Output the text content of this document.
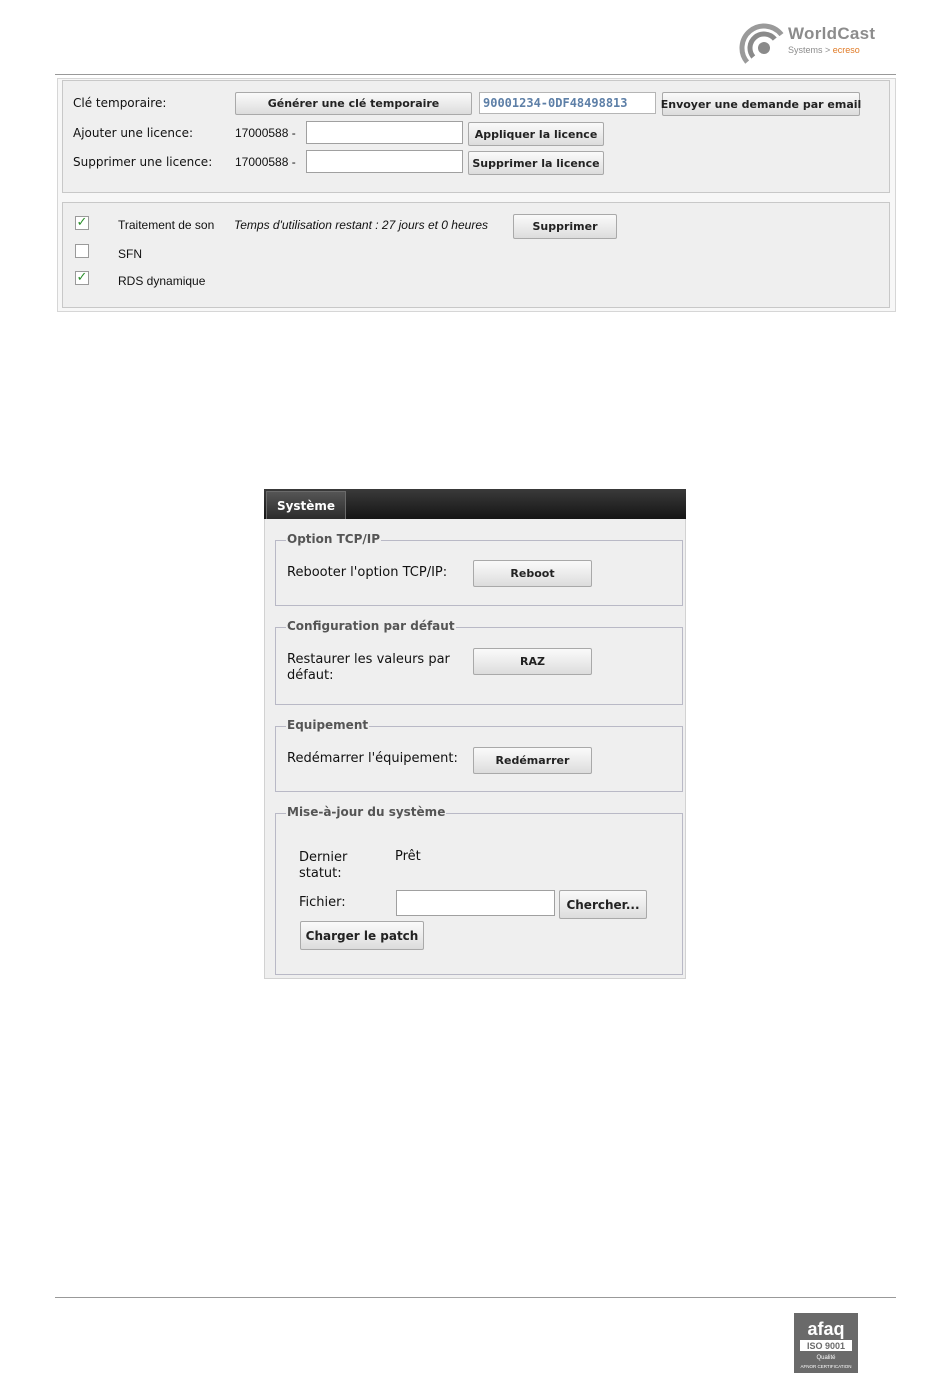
WorldCast
Systems > ecreso
Clé temporaire:	Générer une clé temporaire	90001234-0DF48498813	Envoyer une demande par email
Ajouter une licence:	17000588 -	Appliquer la licence
Supprimer une licence: 17000588 -	Supprimer la licence
✓	Traitement de son Temps d'utilisation restant : 27 jours et 0 heures	Supprimer
SFN
✓	RDS dynamique
Système
Option TCP/IP
Rebooter l'option TCP/IP:	Reboot
Configuration par défaut
Restaurer les valeurs par
défaut:
RAZ
Equipement
Redémarrer l'équipement:	Redémarrer
Mise-à-jour du système
Dernier
statut:
Prêt
Fichier:	Chercher...
Charger le patch
afaq
ISO 9001
Qualité
AFNOR CERTIFICATION
